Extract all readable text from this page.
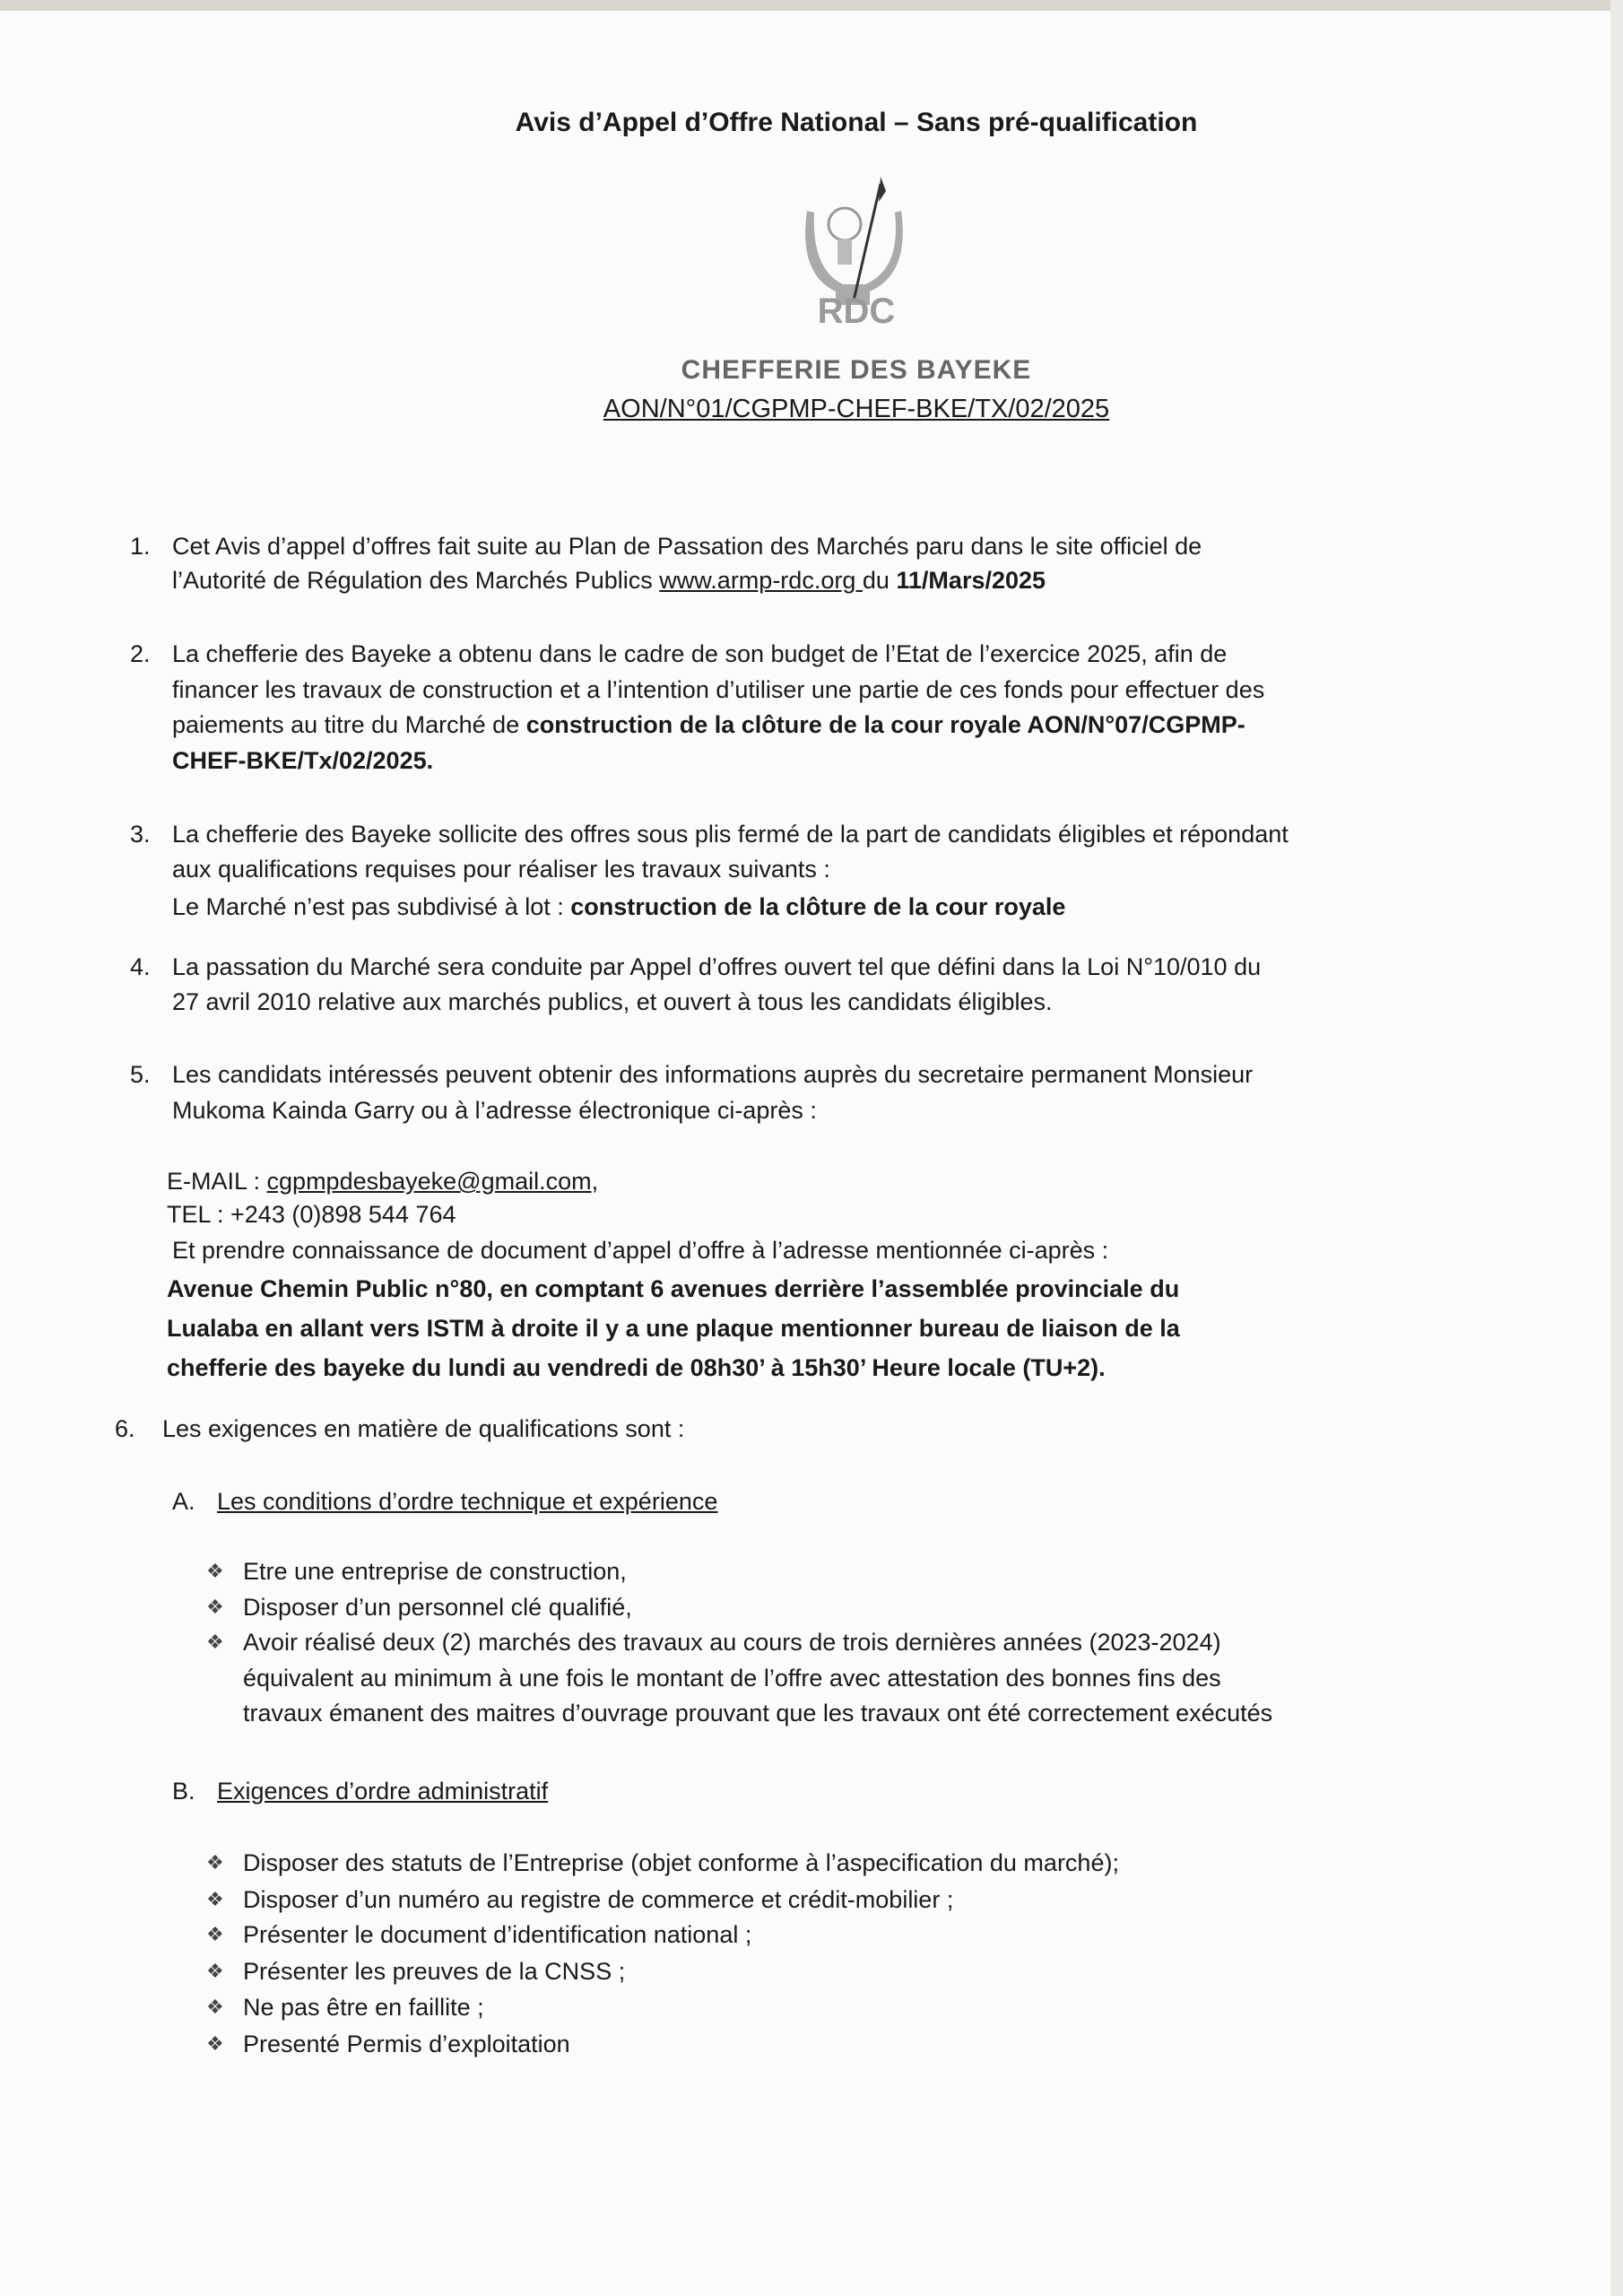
Avis d’Appel d’Offre National – Sans pré-qualification
RDC
CHEFFERIE DES BAYEKE
AON/N°01/CGPMP-CHEF-BKE/TX/02/2025
1. Cet Avis d’appel d’offres fait suite au Plan de Passation des Marchés paru dans le site officiel de
l’Autorité de Régulation des Marchés Publics www.armp-rdc.org du 11/Mars/2025
2. La chefferie des Bayeke a obtenu dans le cadre de son budget de l’Etat de l’exercice 2025, afin de
financer les travaux de construction et a l’intention d’utiliser une partie de ces fonds pour effectuer des
paiements au titre du Marché de construction de la clôture de la cour royale AON/N°07/CGPMP-
CHEF-BKE/Tx/02/2025.
3. La chefferie des Bayeke sollicite des offres sous plis fermé de la part de candidats éligibles et répondant
aux qualifications requises pour réaliser les travaux suivants :
Le Marché n’est pas subdivisé à lot : construction de la clôture de la cour royale
4. La passation du Marché sera conduite par Appel d’offres ouvert tel que défini dans la Loi N°10/010 du
27 avril 2010 relative aux marchés publics, et ouvert à tous les candidats éligibles.
5. Les candidats intéressés peuvent obtenir des informations auprès du secretaire permanent Monsieur
Mukoma Kainda Garry ou à l’adresse électronique ci-après :
E-MAIL : cgpmpdesbayeke@gmail.com,
TEL : +243 (0)898 544 764
Et prendre connaissance de document d’appel d’offre à l’adresse mentionnée ci-après :
Avenue Chemin Public n°80, en comptant 6 avenues derrière l’assemblée provinciale du
Lualaba en allant vers ISTM à droite il y a une plaque mentionner bureau de liaison de la
chefferie des bayeke du lundi au vendredi de 08h30’ à 15h30’ Heure locale (TU+2).
6. Les exigences en matière de qualifications sont :
A. Les conditions d’ordre technique et expérience
❖ Etre une entreprise de construction,
❖ Disposer d’un personnel clé qualifié,
❖ Avoir réalisé deux (2) marchés des travaux au cours de trois dernières années (2023-2024)
équivalent au minimum à une fois le montant de l’offre avec attestation des bonnes fins des
travaux émanent des maitres d’ouvrage prouvant que les travaux ont été correctement exécutés
B. Exigences d’ordre administratif
❖ Disposer des statuts de l’Entreprise (objet conforme à l’aspecification du marché);
❖ Disposer d’un numéro au registre de commerce et crédit-mobilier ;
❖ Présenter le document d’identification national ;
❖ Présenter les preuves de la CNSS ;
❖ Ne pas être en faillite ;
❖ Presenté Permis d’exploitation
